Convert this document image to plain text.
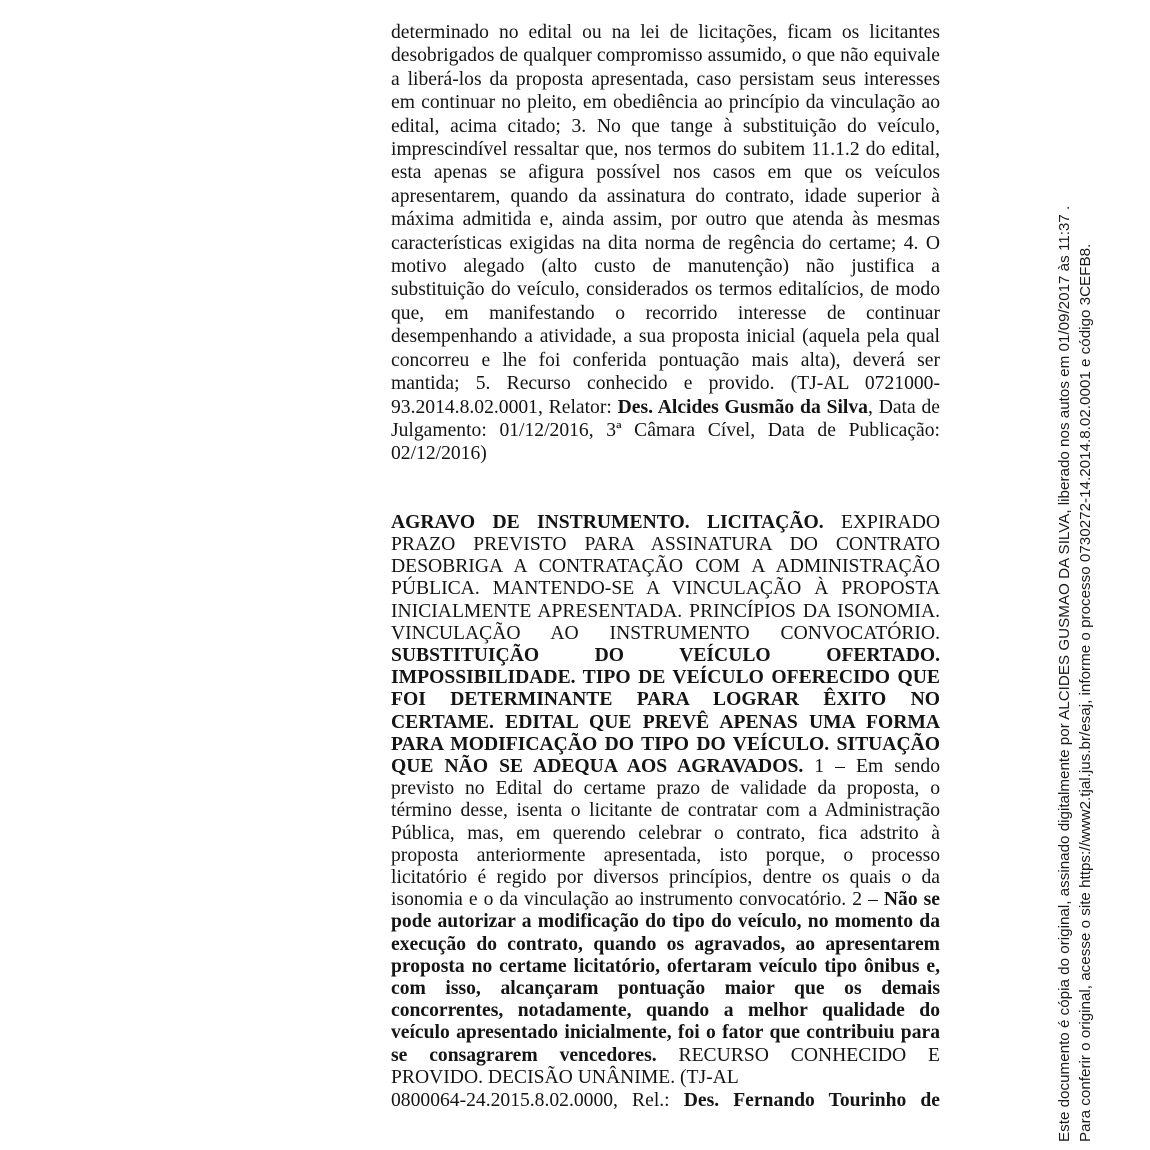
determinado no edital ou na lei de licitações, ficam os licitantes desobrigados de qualquer compromisso assumido, o que não equivale a liberá-los da proposta apresentada, caso persistam seus interesses em continuar no pleito, em obediência ao princípio da vinculação ao edital, acima citado; 3. No que tange à substituição do veículo, imprescindível ressaltar que, nos termos do subitem 11.1.2 do edital, esta apenas se afigura possível nos casos em que os veículos apresentarem, quando da assinatura do contrato, idade superior à máxima admitida e, ainda assim, por outro que atenda às mesmas características exigidas na dita norma de regência do certame; 4. O motivo alegado (alto custo de manutenção) não justifica a substituição do veículo, considerados os termos editalícios, de modo que, em manifestando o recorrido interesse de continuar desempenhando a atividade, a sua proposta inicial (aquela pela qual concorreu e lhe foi conferida pontuação mais alta), deverá ser mantida; 5. Recurso conhecido e provido. (TJ-AL 0721000-93.2014.8.02.0001, Relator: Des. Alcides Gusmão da Silva, Data de Julgamento: 01/12/2016, 3ª Câmara Cível, Data de Publicação: 02/12/2016)

AGRAVO DE INSTRUMENTO. LICITAÇÃO. EXPIRADO PRAZO PREVISTO PARA ASSINATURA DO CONTRATO DESOBRIGA A CONTRATAÇÃO COM A ADMINISTRAÇÃO PÚBLICA. MANTENDO-SE A VINCULAÇÃO À PROPOSTA INICIALMENTE APRESENTADA. PRINCÍPIOS DA ISONOMIA. VINCULAÇÃO AO INSTRUMENTO CONVOCATÓRIO. SUBSTITUIÇÃO DO VEÍCULO OFERTADO. IMPOSSIBILIDADE. TIPO DE VEÍCULO OFERECIDO QUE FOI DETERMINANTE PARA LOGRAR ÊXITO NO CERTAME. EDITAL QUE PREVÊ APENAS UMA FORMA PARA MODIFICAÇÃO DO TIPO DO VEÍCULO. SITUAÇÃO QUE NÃO SE ADEQUA AOS AGRAVADOS. 1 – Em sendo previsto no Edital do certame prazo de validade da proposta, o término desse, isenta o licitante de contratar com a Administração Pública, mas, em querendo celebrar o contrato, fica adstrito à proposta anteriormente apresentada, isto porque, o processo licitatório é regido por diversos princípios, dentre os quais o da isonomia e o da vinculação ao instrumento convocatório. 2 – Não se pode autorizar a modificação do tipo do veículo, no momento da execução do contrato, quando os agravados, ao apresentarem proposta no certame licitatório, ofertaram veículo tipo ônibus e, com isso, alcançaram pontuação maior que os demais concorrentes, notadamente, quando a melhor qualidade do veículo apresentado inicialmente, foi o fator que contribuiu para se consagrarem vencedores. RECURSO CONHECIDO E PROVIDO. DECISÃO UNÂNIME. (TJ-AL

0800064-24.2015.8.02.0000, Rel.: Des. Fernando Tourinho de	Este documento é cópia do original, assinado digitalmente por ALCIDES GUSMAO DA SILVA, liberado nos autos em 01/09/2017 às 11:37 . Para conferir o original, acesse o site https://www2.tjal.jus.br/esaj, informe o processo 0730272-14.2014.8.02.0001 e código 3CEFB8.
